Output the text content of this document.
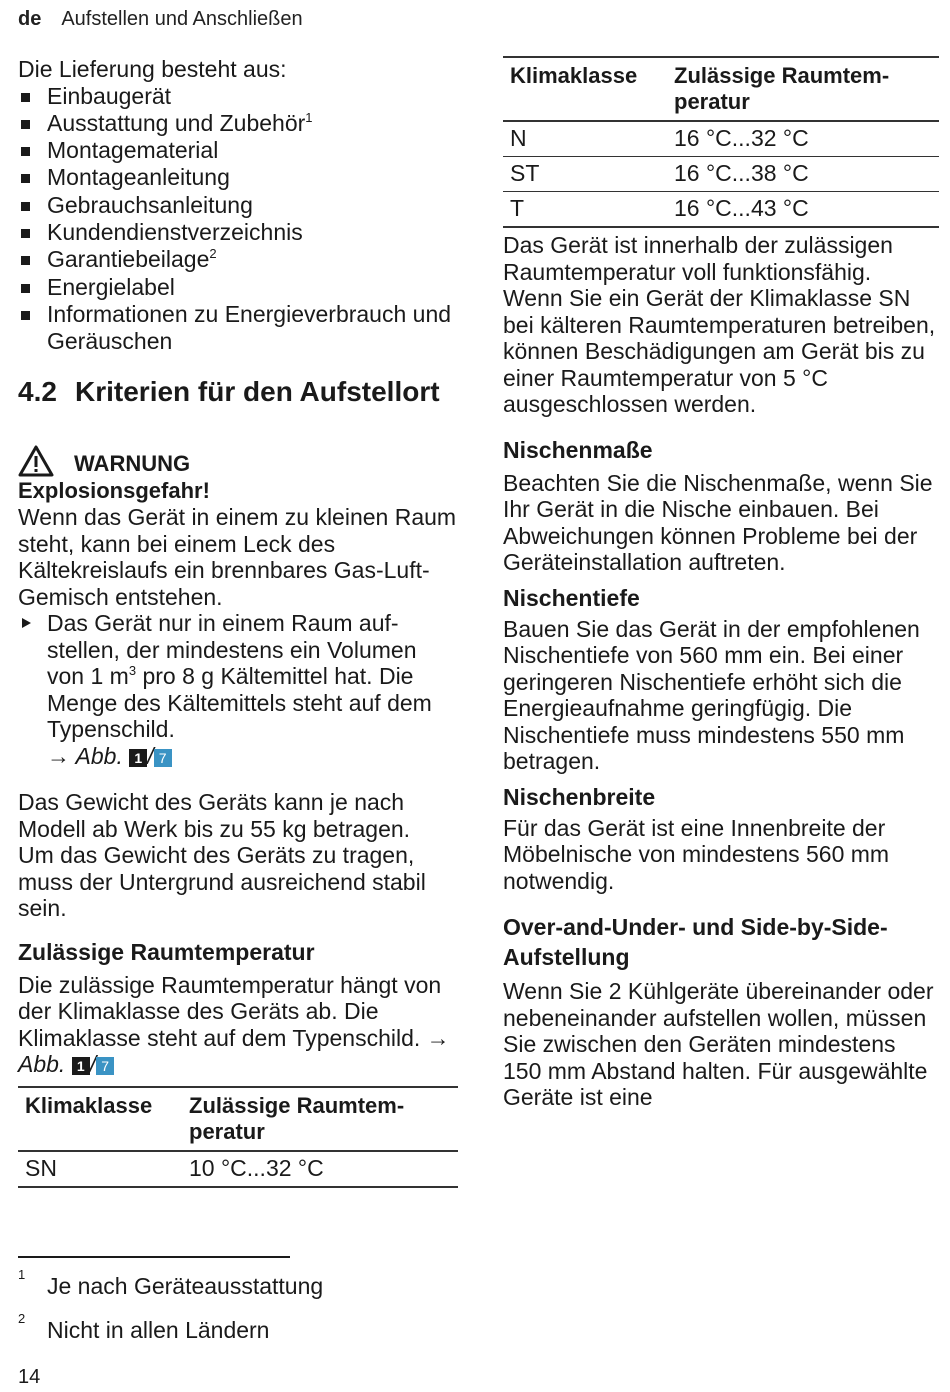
de Aufstellen und Anschließen

Die Lieferung besteht aus:

Einbaugerät
Ausstattung und Zubehör$^1$
Montagematerial
Montageanleitung
Gebrauchsanleitung
Kundendienstverzeichnis
Garantiebeilage$^2$
Energielabel
Informationen zu Energieverbrauch und Geräuschen
4.2 Kriterien für den Aufstellort
WARNUNG
Explosionsgefahr!

Wenn das Gerät in einem zu kleinen Raum steht, kann bei einem Leck des Kältekreislaufs ein brennbares Gas-Luft-Gemisch entstehen.

Das Gerät nur in einem Raum aufstellen, der mindestens ein Volumen von 1 $m^3$ pro 8 g Kältemittel hat. Die Menge des Kältemittels steht auf dem Typenschild.
→ Abb. 1 / 7

Das Gewicht des Geräts kann je nach Modell ab Werk bis zu 55 kg betragen.

Um das Gewicht des Geräts zu tragen, muss der Untergrund ausreichend stabil sein.

Zulässige Raumtemperatur

Die zulässige Raumtemperatur hängt von der Klimaklasse des Geräts ab. Die Klimaklasse steht auf dem Typenschild. → Abb. 1 / 7

Klimaklasse	Zulässige Raumtemperatur
SN	10 °C...32 °C
1 Je nach Geräteausstattung
2 Nicht in allen Ländern
14
Klimaklasse	Zulässige Raumtemperatur
N	16 °C...32 °C
ST	16 °C...38 °C
T	16 °C...43 °C

Das Gerät ist innerhalb der zulässigen Raumtemperatur voll funktionsfähig.

Wenn Sie ein Gerät der Klimaklasse SN bei kälteren Raumtemperaturen betreiben, können Beschädigungen am Gerät bis zu einer Raumtemperatur von 5 °C ausgeschlossen werden.

Nischenmaße

Beachten Sie die Nischenmaße, wenn Sie Ihr Gerät in die Nische einbauen. Bei Abweichungen können Probleme bei der Geräteinstallation auftreten.

Nischentiefe

Bauen Sie das Gerät in der empfohlenen Nischentiefe von 560 mm ein. Bei einer geringeren Nischentiefe erhöht sich die Energieaufnahme geringfügig. Die Nischentiefe muss mindestens 550 mm betragen.

Nischenbreite

Für das Gerät ist eine Innenbreite der Möbelnische von mindestens 560 mm notwendig.

Over-and-Under- und Side-by-Side-Aufstellung

Wenn Sie 2 Kühlgeräte übereinander oder nebeneinander aufstellen wollen, müssen Sie zwischen den Geräten mindestens 150 mm Abstand halten. Für ausgewählte Geräte ist eine
